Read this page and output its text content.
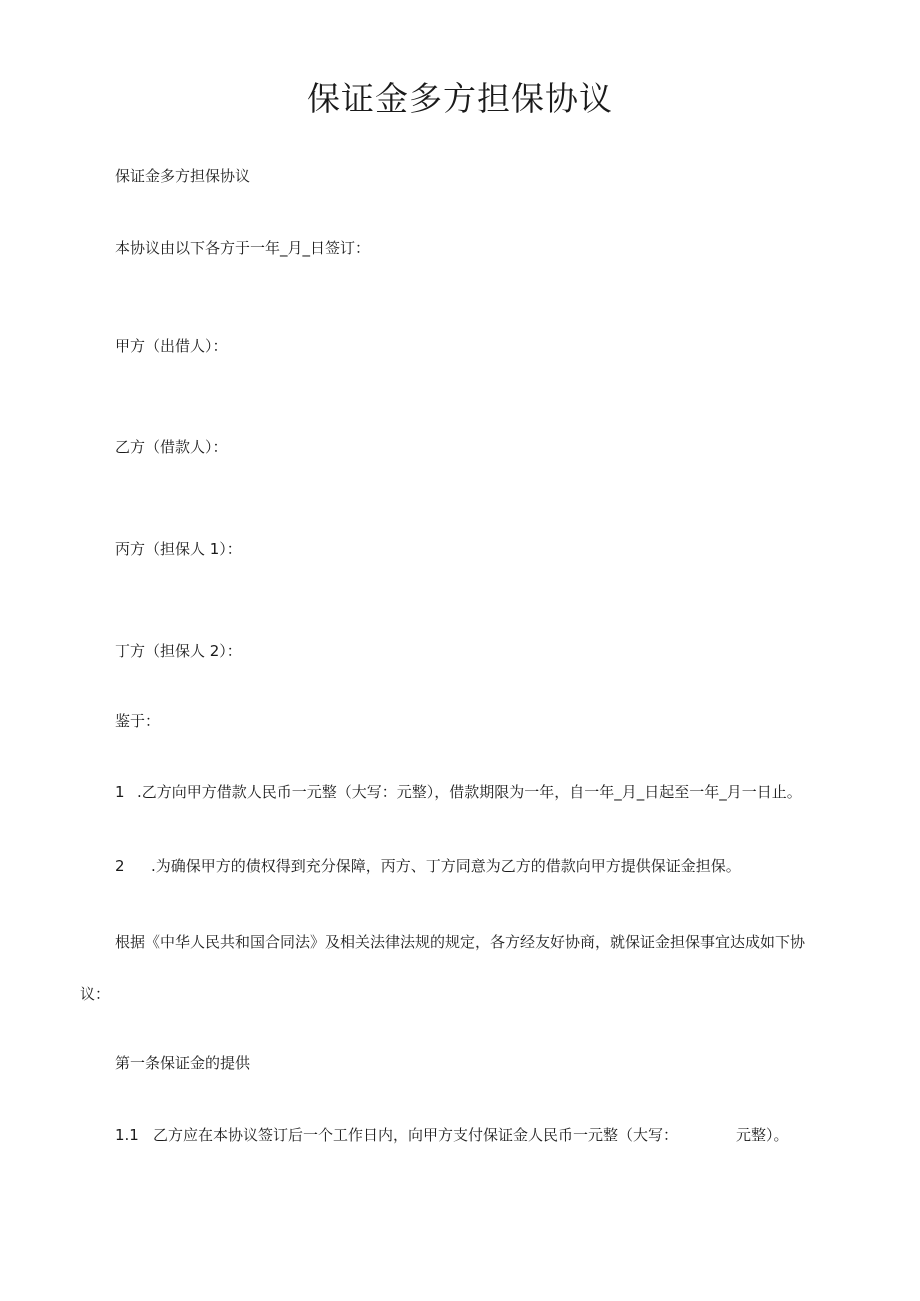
保证金多方担保协议

保证金多方担保协议

本协议由以下各方于一年_月_日签订：

甲方（出借人）：

乙方（借款人）：

丙方（担保人 1）：

丁方（担保人 2）：

鉴于：

1 .乙方向甲方借款人民币一元整（大写：元整），借款期限为一年，自一年_月_日起至一年_月一日止。

2 .为确保甲方的债权得到充分保障，丙方、丁方同意为乙方的借款向甲方提供保证金担保。

根据《中华人民共和国合同法》及相关法律法规的规定，各方经友好协商，就保证金担保事宜达成如下协

议：

第一条保证金的提供

1.1 乙方应在本协议签订后一个工作日内，向甲方支付保证金人民币一元整（大写：	元整）。
